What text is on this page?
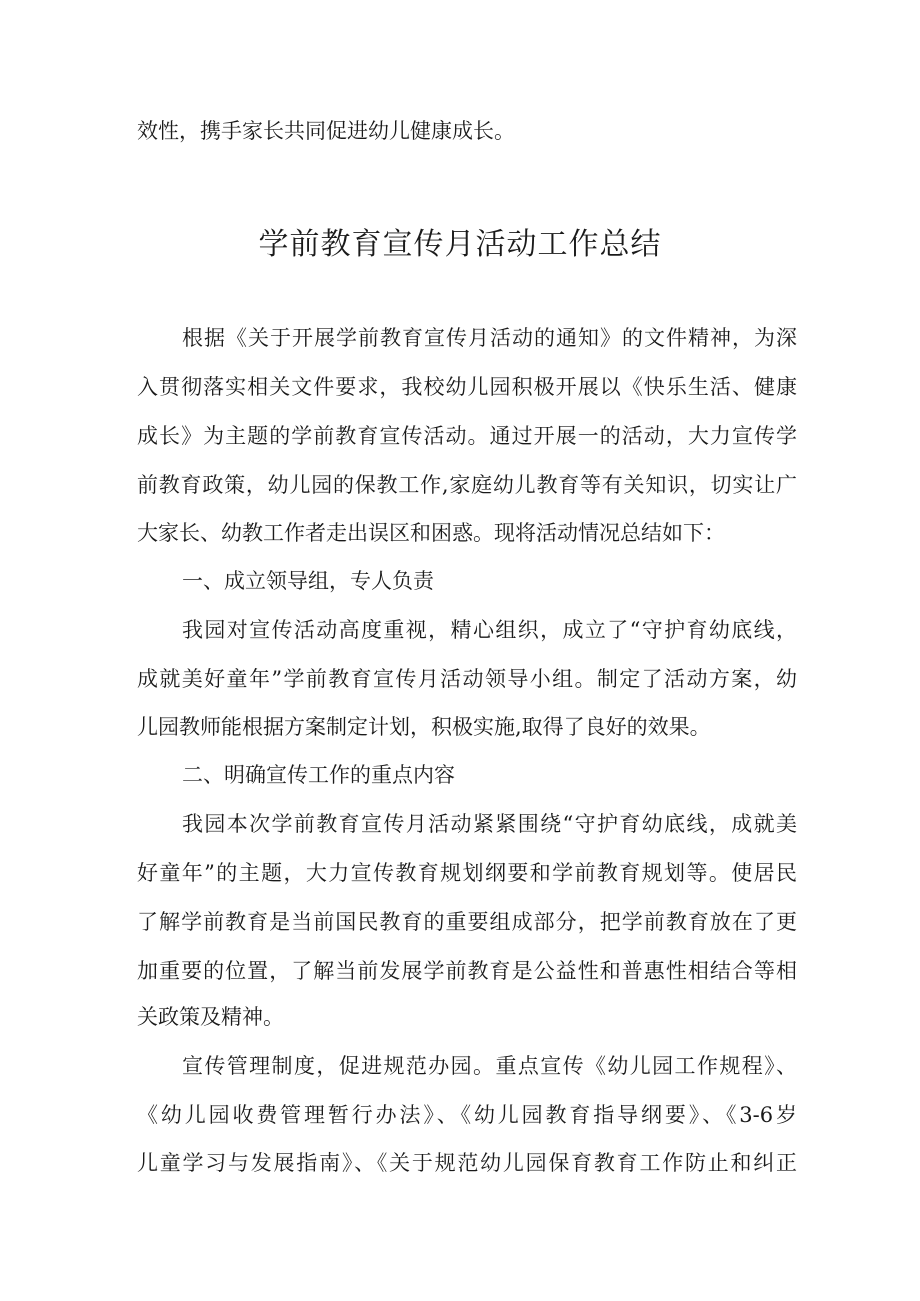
效性，携手家长共同促进幼儿健康成长。
学前教育宣传月活动工作总结
根据《关于开展学前教育宣传月活动的通知》的文件精神，为深
入贯彻落实相关文件要求，我校幼儿园积极开展以《快乐生活、健康
成长》为主题的学前教育宣传活动。通过开展一的活动，大力宣传学
前教育政策，幼儿园的保教工作,家庭幼儿教育等有关知识，切实让广
大家长、幼教工作者走出误区和困惑。现将活动情况总结如下：
一、成立领导组，专人负责
我园对宣传活动高度重视，精心组织，成立了“守护育幼底线，
成就美好童年”学前教育宣传月活动领导小组。制定了活动方案，幼
儿园教师能根据方案制定计划，积极实施,取得了良好的效果。
二、明确宣传工作的重点内容
我园本次学前教育宣传月活动紧紧围绕“守护育幼底线，成就美
好童年”的主题，大力宣传教育规划纲要和学前教育规划等。使居民
了解学前教育是当前国民教育的重要组成部分，把学前教育放在了更
加重要的位置，了解当前发展学前教育是公益性和普惠性相结合等相
关政策及精神。
宣传管理制度，促进规范办园。重点宣传《幼儿园工作规程》、
《幼儿园收费管理暂行办法》、《幼儿园教育指导纲要》、《3-6岁
儿童学习与发展指南》、《关于规范幼儿园保育教育工作防止和纠正
